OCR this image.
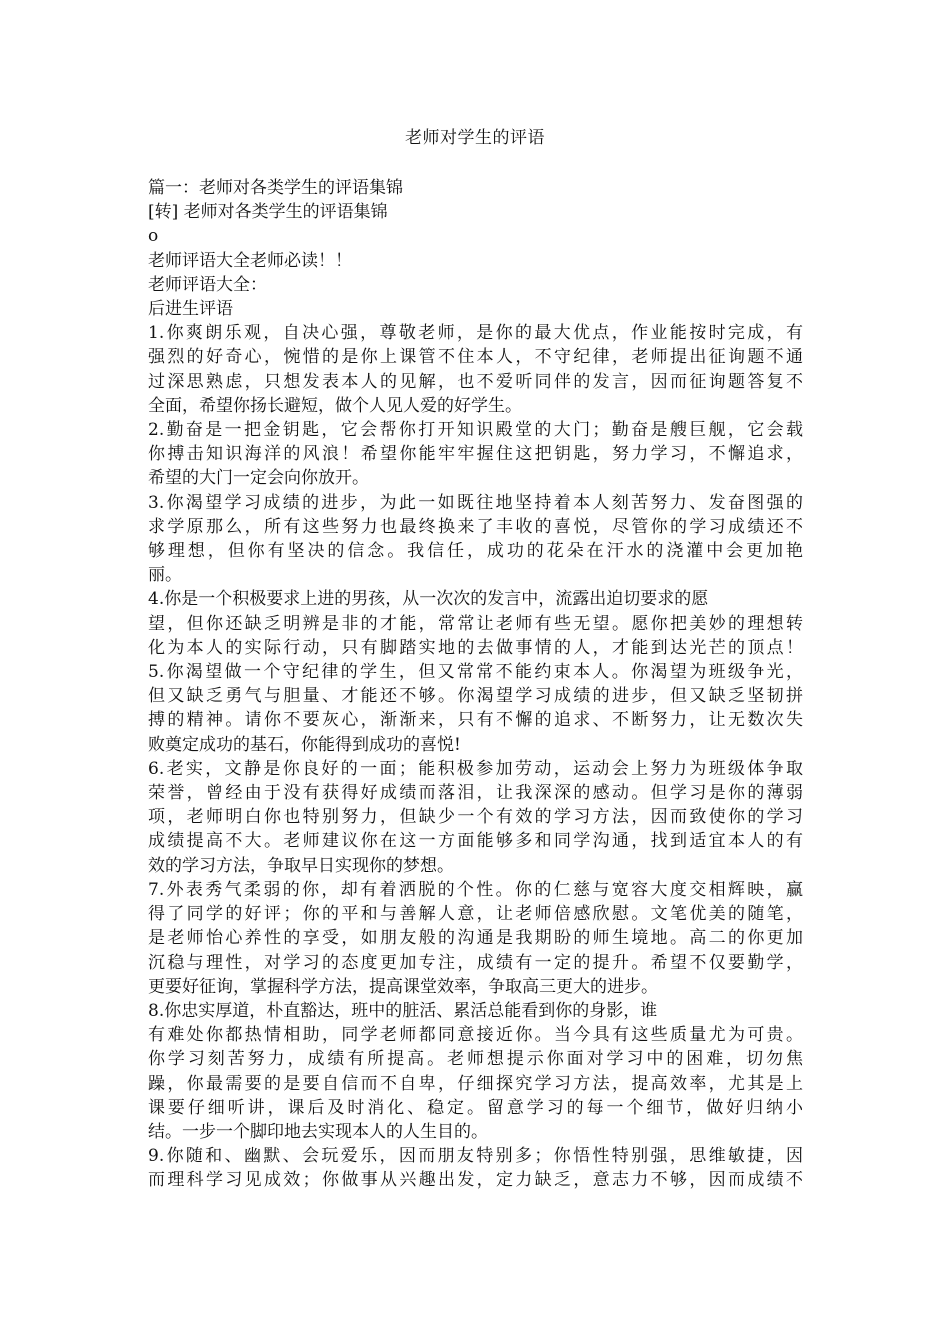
老师对学生的评语
篇一：老师对各类学生的评语集锦
[转] 老师对各类学生的评语集锦
o
老师评语大全老师必读！！
老师评语大全：
后进生评语
1.你爽朗乐观，自决心强，尊敬老师，是你的最大优点，作业能按时完成，有
强烈的好奇心，惋惜的是你上课管不住本人，不守纪律，老师提出征询题不通
过深思熟虑，只想发表本人的见解，也不爱听同伴的发言，因而征询题答复不
全面，希望你扬长避短，做个人见人爱的好学生。
2.勤奋是一把金钥匙，它会帮你打开知识殿堂的大门；勤奋是艘巨舰，它会载
你搏击知识海洋的风浪！希望你能牢牢握住这把钥匙，努力学习，不懈追求，
希望的大门一定会向你放开。
3.你渴望学习成绩的进步，为此一如既往地坚持着本人刻苦努力、发奋图强的
求学原那么，所有这些努力也最终换来了丰收的喜悦，尽管你的学习成绩还不
够理想，但你有坚决的信念。我信任，成功的花朵在汗水的浇灌中会更加艳
丽。
4.你是一个积极要求上进的男孩，从一次次的发言中，流露出迫切要求的愿
望，但你还缺乏明辨是非的才能，常常让老师有些无望。愿你把美妙的理想转
化为本人的实际行动，只有脚踏实地的去做事情的人，才能到达光芒的顶点！
5.你渴望做一个守纪律的学生，但又常常不能约束本人。你渴望为班级争光，
但又缺乏勇气与胆量、才能还不够。你渴望学习成绩的进步，但又缺乏坚韧拼
搏的精神。请你不要灰心，渐渐来，只有不懈的追求、不断努力，让无数次失
败奠定成功的基石，你能得到成功的喜悦!
6.老实，文静是你良好的一面；能积极参加劳动，运动会上努力为班级体争取
荣誉，曾经由于没有获得好成绩而落泪，让我深深的感动。但学习是你的薄弱
项，老师明白你也特别努力，但缺少一个有效的学习方法，因而致使你的学习
成绩提高不大。老师建议你在这一方面能够多和同学沟通，找到适宜本人的有
效的学习方法，争取早日实现你的梦想。
7.外表秀气柔弱的你，却有着洒脱的个性。你的仁慈与宽容大度交相辉映，赢
得了同学的好评；你的平和与善解人意，让老师倍感欣慰。文笔优美的随笔，
是老师怡心养性的享受，如朋友般的沟通是我期盼的师生境地。高二的你更加
沉稳与理性，对学习的态度更加专注，成绩有一定的提升。希望不仅要勤学，
更要好征询，掌握科学方法，提高课堂效率，争取高三更大的进步。
8.你忠实厚道，朴直豁达，班中的脏活、累活总能看到你的身影，谁
有难处你都热情相助，同学老师都同意接近你。当今具有这些质量尤为可贵。
你学习刻苦努力，成绩有所提高。老师想提示你面对学习中的困难，切勿焦
躁，你最需要的是要自信而不自卑，仔细探究学习方法，提高效率，尤其是上
课要仔细听讲，课后及时消化、稳定。留意学习的每一个细节，做好归纳小
结。一步一个脚印地去实现本人的人生目的。
9.你随和、幽默、会玩爱乐，因而朋友特别多；你悟性特别强，思维敏捷，因
而理科学习见成效；你做事从兴趣出发，定力缺乏，意志力不够，因而成绩不
